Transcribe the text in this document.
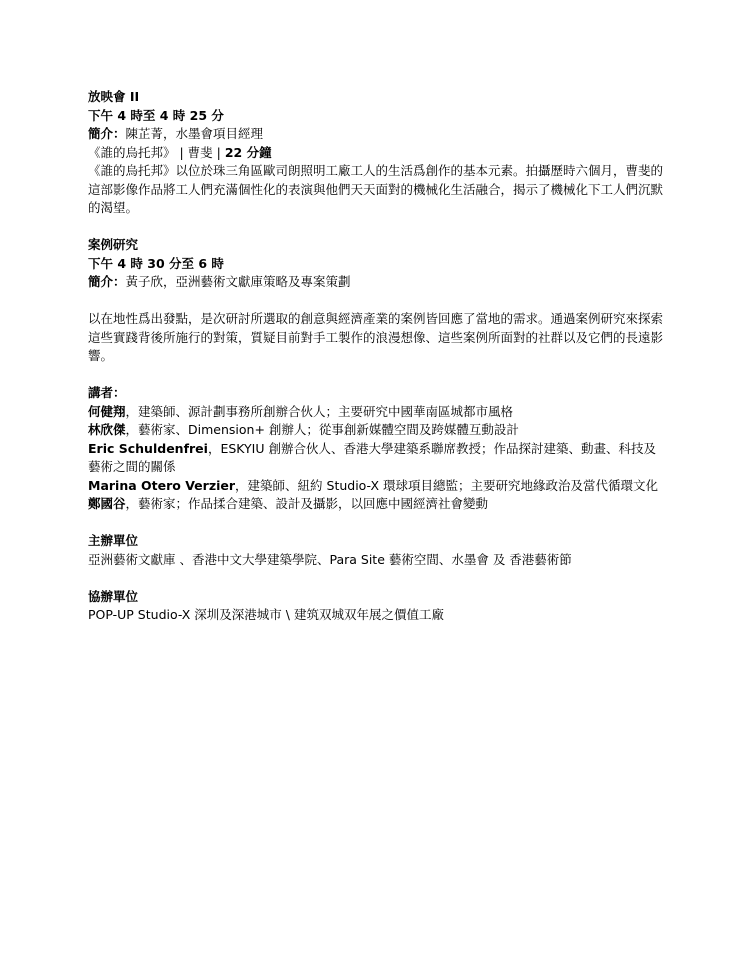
放映會 II
下午 4 時至 4 時 25 分
簡介：陳芷菁，水墨會項目經理
《誰的烏托邦》 | 曹斐 | 22 分鐘
《誰的烏托邦》以位於珠三角區歐司朗照明工廠工人的生活爲創作的基本元素。拍攝歷時六個月，曹斐的這部影像作品將工人們充滿個性化的表演與他們天天面對的機械化生活融合，揭示了機械化下工人們沉默的渴望。
案例研究
下午 4 時 30 分至 6 時
簡介：黃子欣，亞洲藝術文獻庫策略及專案策劃
以在地性爲出發點，是次研討所選取的創意與經濟產業的案例皆回應了當地的需求。通過案例研究來探索這些實踐背後所施行的對策，質疑目前對手工製作的浪漫想像、這些案例所面對的社群以及它們的長遠影響。
講者：
何健翔，建築師、源計劃事務所創辦合伙人；主要研究中國華南區城都市風格
林欣傑，藝術家、Dimension+ 創辦人；從事創新媒體空間及跨媒體互動設計
Eric Schuldenfrei，ESKYIU 創辦合伙人、香港大學建築系聯席教授；作品探討建築、動畫、科技及藝術之間的關係
Marina Otero Verzier，建築師、紐約 Studio-X 環球項目總監；主要研究地緣政治及當代循環文化
鄭國谷，藝術家；作品揉合建築、設計及攝影，以回應中國經濟社會變動
主辦單位
亞洲藝術文獻庫 、香港中文大學建築學院、Para Site 藝術空間、水墨會 及 香港藝術節
協辦單位
POP-UP Studio-X 深圳及深港城市 \ 建筑双城双年展之價值工廠
